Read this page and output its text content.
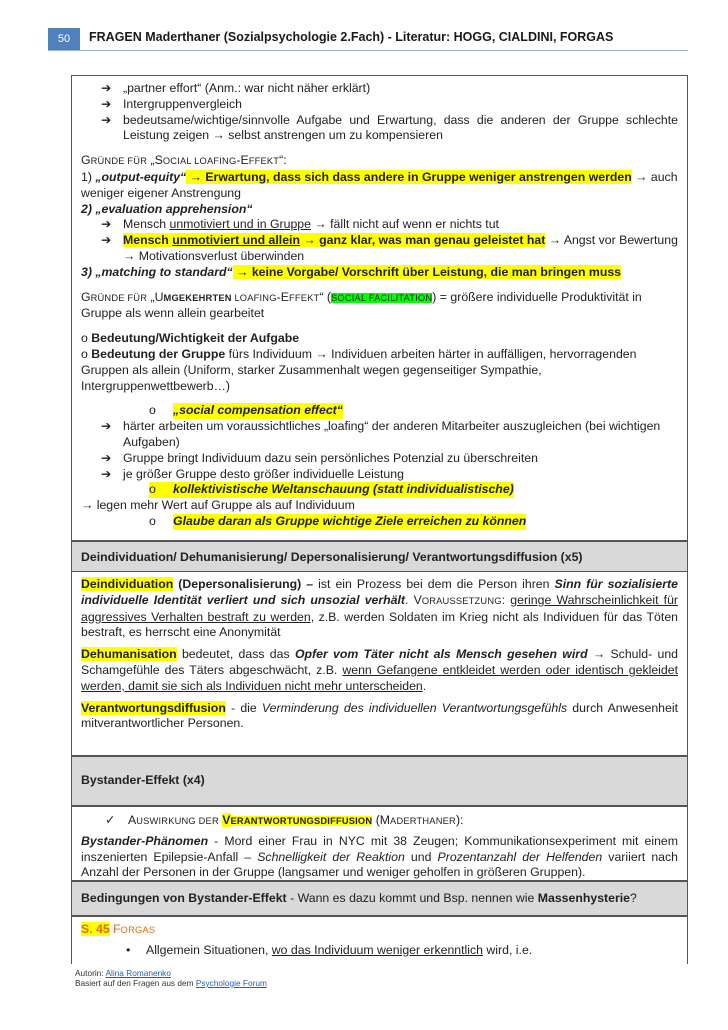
50	FRAGEN Maderthaner (Sozialpsychologie 2.Fach) - Literatur: HOGG, CIALDINI, FORGAS
➔ „partner effort“ (Anm.: war nicht näher erklärt)
➔ Intergruppenvergleich
➔ bedeutsame/wichtige/sinnvolle Aufgabe und Erwartung, dass die anderen der Gruppe schlechte Leistung zeigen → selbst anstrengen um zu kompensieren

GRÜNDE FÜR „SOCIAL LOAFING-EFFEKT“:

1) „output-equity“ → Erwartung, dass sich dass andere in Gruppe weniger anstrengen werden → auch weniger eigener Anstrengung

2) „evaluation apprehension“

➔ Mensch unmotiviert und in Gruppe → fällt nicht auf wenn er nichts tut
➔ Mensch unmotiviert und allein → ganz klar, was man genau geleistet hat → Angst vor Bewertung → Motivationsverlust überwinden

3) „matching to standard“ → keine Vorgabe/ Vorschrift über Leistung, die man bringen muss

GRÜNDE FÜR „UMGEKEHRTEN LOAFING-EFFEKT“ (SOCIAL FACILITATION) = größere individuelle Produktivität in Gruppe als wenn allein gearbeitet

o Bedeutung/Wichtigkeit der Aufgabe

o Bedeutung der Gruppe fürs Individuum → Individuen arbeiten härter in auffälligen, hervorragenden Gruppen als allein (Uniform, starker Zusammenhalt wegen gegenseitiger Sympathie, Intergruppenwettbewerb…)

o	„social compensation effect“
➔ härter arbeiten um voraussichtliches „loafing“ der anderen Mitarbeiter auszugleichen (bei wichtigen Aufgaben)
➔ Gruppe bringt Individuum dazu sein persönliches Potenzial zu überschreiten
➔ je größer Gruppe desto größer individuelle Leistung
o	kollektivistische Weltanschauung (statt individualistische)

→ legen mehr Wert auf Gruppe als auf Individuum

o	Glaube daran als Gruppe wichtige Ziele erreichen zu können
Deindividuation/ Dehumanisierung/ Depersonalisierung/ Verantwortungsdiffusion (x5)

Deindividuation (Depersonalisierung) – ist ein Prozess bei dem die Person ihren Sinn für sozialisierte individuelle Identität verliert und sich unsozial verhält. VORAUSSETZUNG: geringe Wahrscheinlichkeit für aggressives Verhalten bestraft zu werden, z.B. werden Soldaten im Krieg nicht als Individuen für das Töten bestraft, es herrscht eine Anonymität

Dehumanisation bedeutet, dass das Opfer vom Täter nicht als Mensch gesehen wird → Schuld- und Schamgefühle des Täters abgeschwächt, z.B. wenn Gefangene entkleidet werden oder identisch gekleidet werden, damit sie sich als Individuen nicht mehr unterscheiden.

Verantwortungsdiffusion - die Verminderung des individuellen Verantwortungsgefühls durch Anwesenheit mitverantwortlicher Personen.

Bystander-Effekt (x4)
✓	AUSWIRKUNG DER VERANTWORTUNGSDIFFUSION (MADERTHANER):

Bystander-Phänomen - Mord einer Frau in NYC mit 38 Zeugen; Kommunikationsexperiment mit einem inszenierten Epilepsie-Anfall – Schnelligkeit der Reaktion und Prozentanzahl der Helfenden variiert nach Anzahl der Personen in der Gruppe (langsamer und weniger geholfen in größeren Gruppen).

Bedingungen von Bystander-Effekt - Wann es dazu kommt und Bsp. nennen wie Massenhysterie?

S. 45 FORGAS

•	Allgemein Situationen, wo das Individuum weniger erkenntlich wird, i.e.
Autorin: Alina Romanenko
Basiert auf den Fragen aus dem Psychologie Forum
